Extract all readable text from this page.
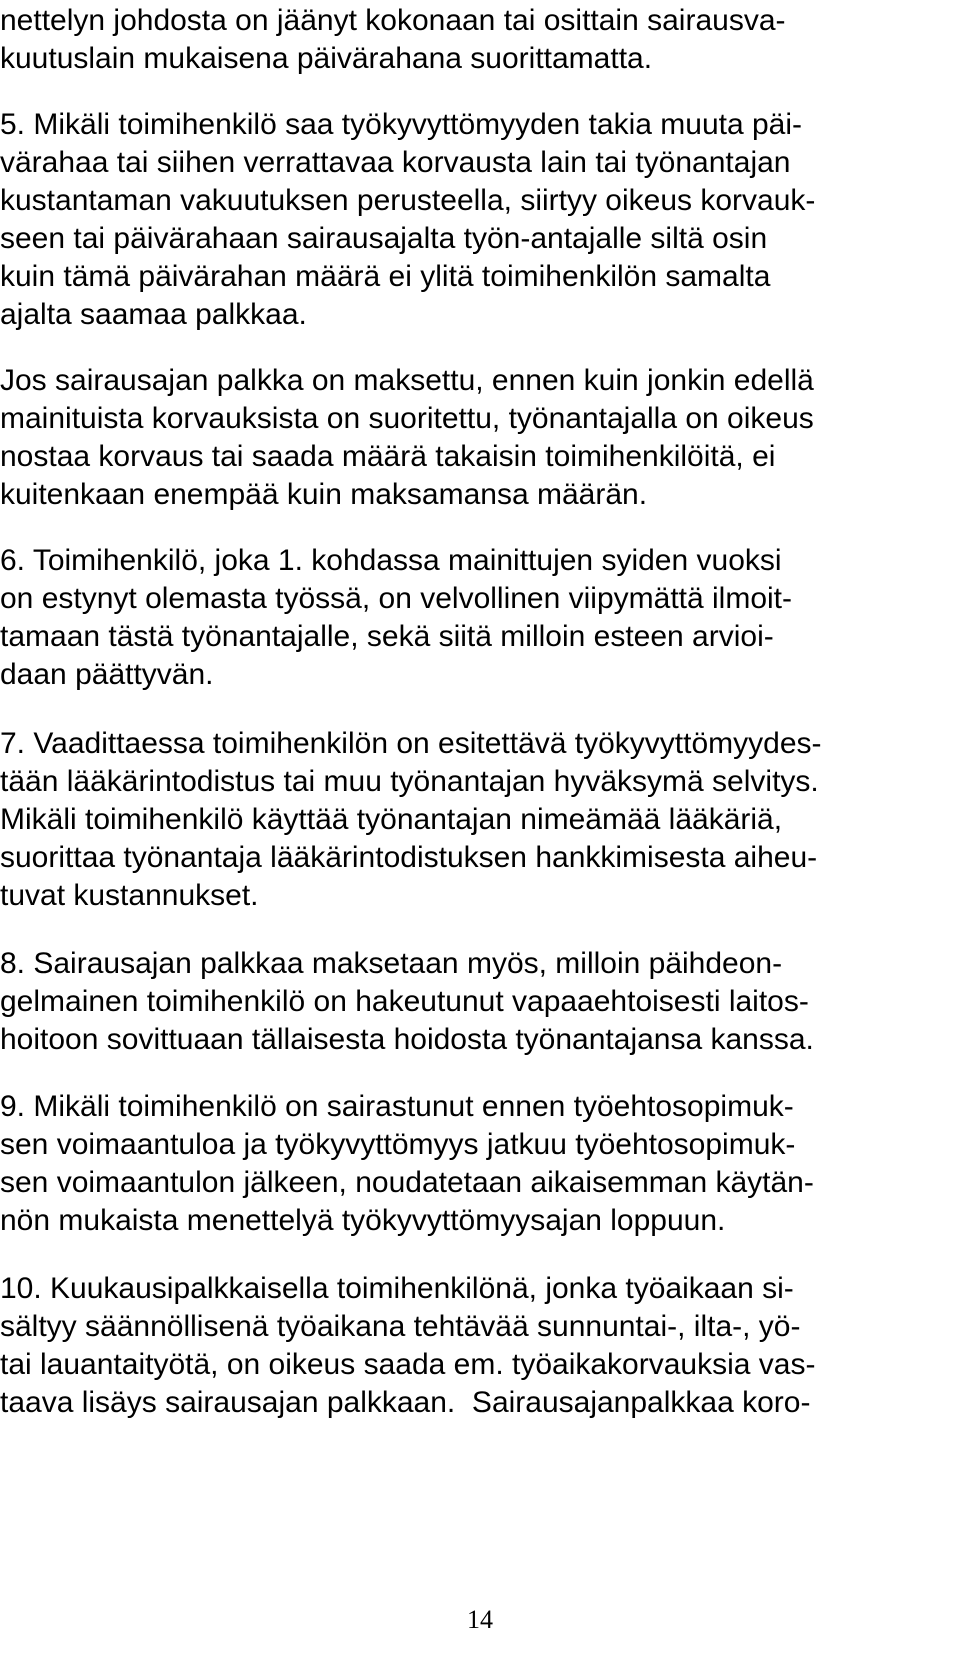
nettelyn johdosta on jäänyt kokonaan tai osittain sairausva-
kuutuslain mukaisena päivärahana suorittamatta.
5. Mikäli toimihenkilö saa työkyvyttömyyden takia muuta päi-
värahaa tai siihen verrattavaa korvausta lain tai työnantajan
kustantaman vakuutuksen perusteella, siirtyy oikeus korvauk-
seen tai päivärahaan sairausajalta työn-antajalle siltä osin
kuin tämä päivärahan määrä ei ylitä toimihenkilön samalta
ajalta saamaa palkkaa.
Jos sairausajan palkka on maksettu, ennen kuin jonkin edellä
mainituista korvauksista on suoritettu, työnantajalla on oikeus
nostaa korvaus tai saada määrä takaisin toimihenkilöitä, ei
kuitenkaan enempää kuin maksamansa määrän.
6. Toimihenkilö, joka 1. kohdassa mainittujen syiden vuoksi
on estynyt olemasta työssä, on velvollinen viipymättä ilmoit-
tamaan tästä työnantajalle, sekä siitä milloin esteen arvioi-
daan päättyvän.
7. Vaadittaessa toimihenkilön on esitettävä työkyvyttömyydes-
tään lääkärintodistus tai muu työnantajan hyväksymä selvitys.
Mikäli toimihenkilö käyttää työnantajan nimeämää lääkäriä,
suorittaa työnantaja lääkärintodistuksen hankkimisesta aiheu-
tuvat kustannukset.
8. Sairausajan palkkaa maksetaan myös, milloin päihdeon-
gelmainen toimihenkilö on hakeutunut vapaaehtoisesti laitos-
hoitoon sovittuaan tällaisesta hoidosta työnantajansa kanssa.
9. Mikäli toimihenkilö on sairastunut ennen työehtosopimuk-
sen voimaantuloa ja työkyvyttömyys jatkuu työehtosopimuk-
sen voimaantulon jälkeen, noudatetaan aikaisemman käytän-
nön mukaista menettelyä työkyvyttömyysajan loppuun.
10. Kuukausipalkkaisella toimihenkilönä, jonka työaikaan si-
sältyy säännöllisenä työaikana tehtävää sunnuntai-, ilta-, yö-
tai lauantaityötä, on oikeus saada em. työaikakorvauksia vas-
taava lisäys sairausajan palkkaan.  Sairausajanpalkkaa koro-
14
